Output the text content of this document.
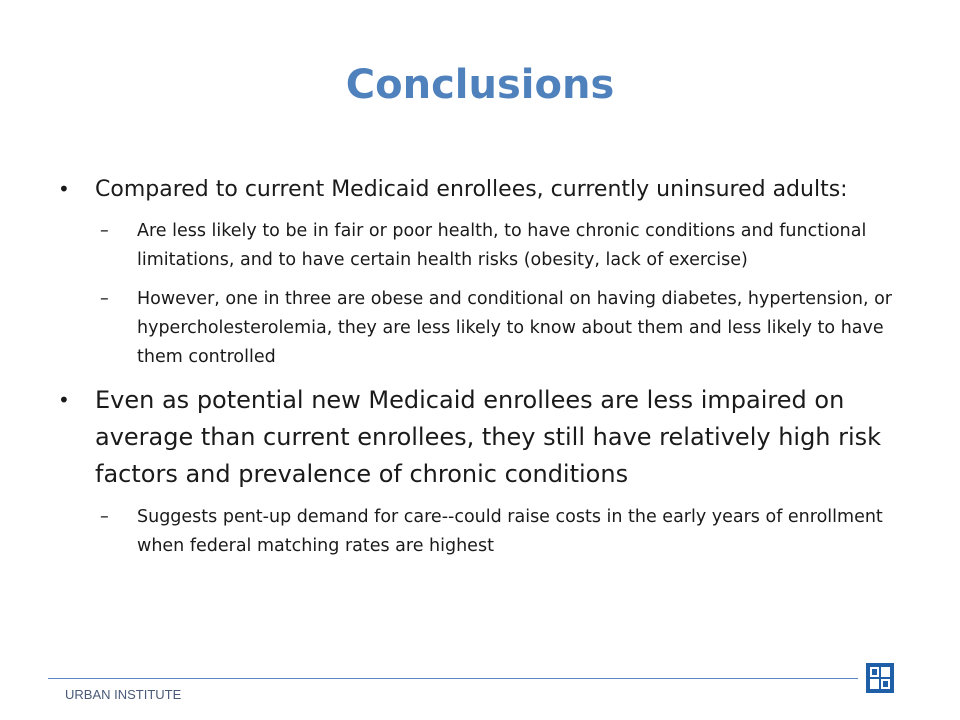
Conclusions
• Compared to current Medicaid enrollees, currently uninsured adults:
– Are less likely to be in fair or poor health, to have chronic conditions and functional limitations, and to have certain health risks (obesity, lack of exercise)
– However, one in three are obese and conditional on having diabetes, hypertension, or hypercholesterolemia, they are less likely to know about them and less likely to have them controlled
• Even as potential new Medicaid enrollees are less impaired on average than current enrollees, they still have relatively high risk factors and prevalence of chronic conditions
– Suggests pent-up demand for care--could raise costs in the early years of enrollment when federal matching rates are highest
URBAN INSTITUTE
